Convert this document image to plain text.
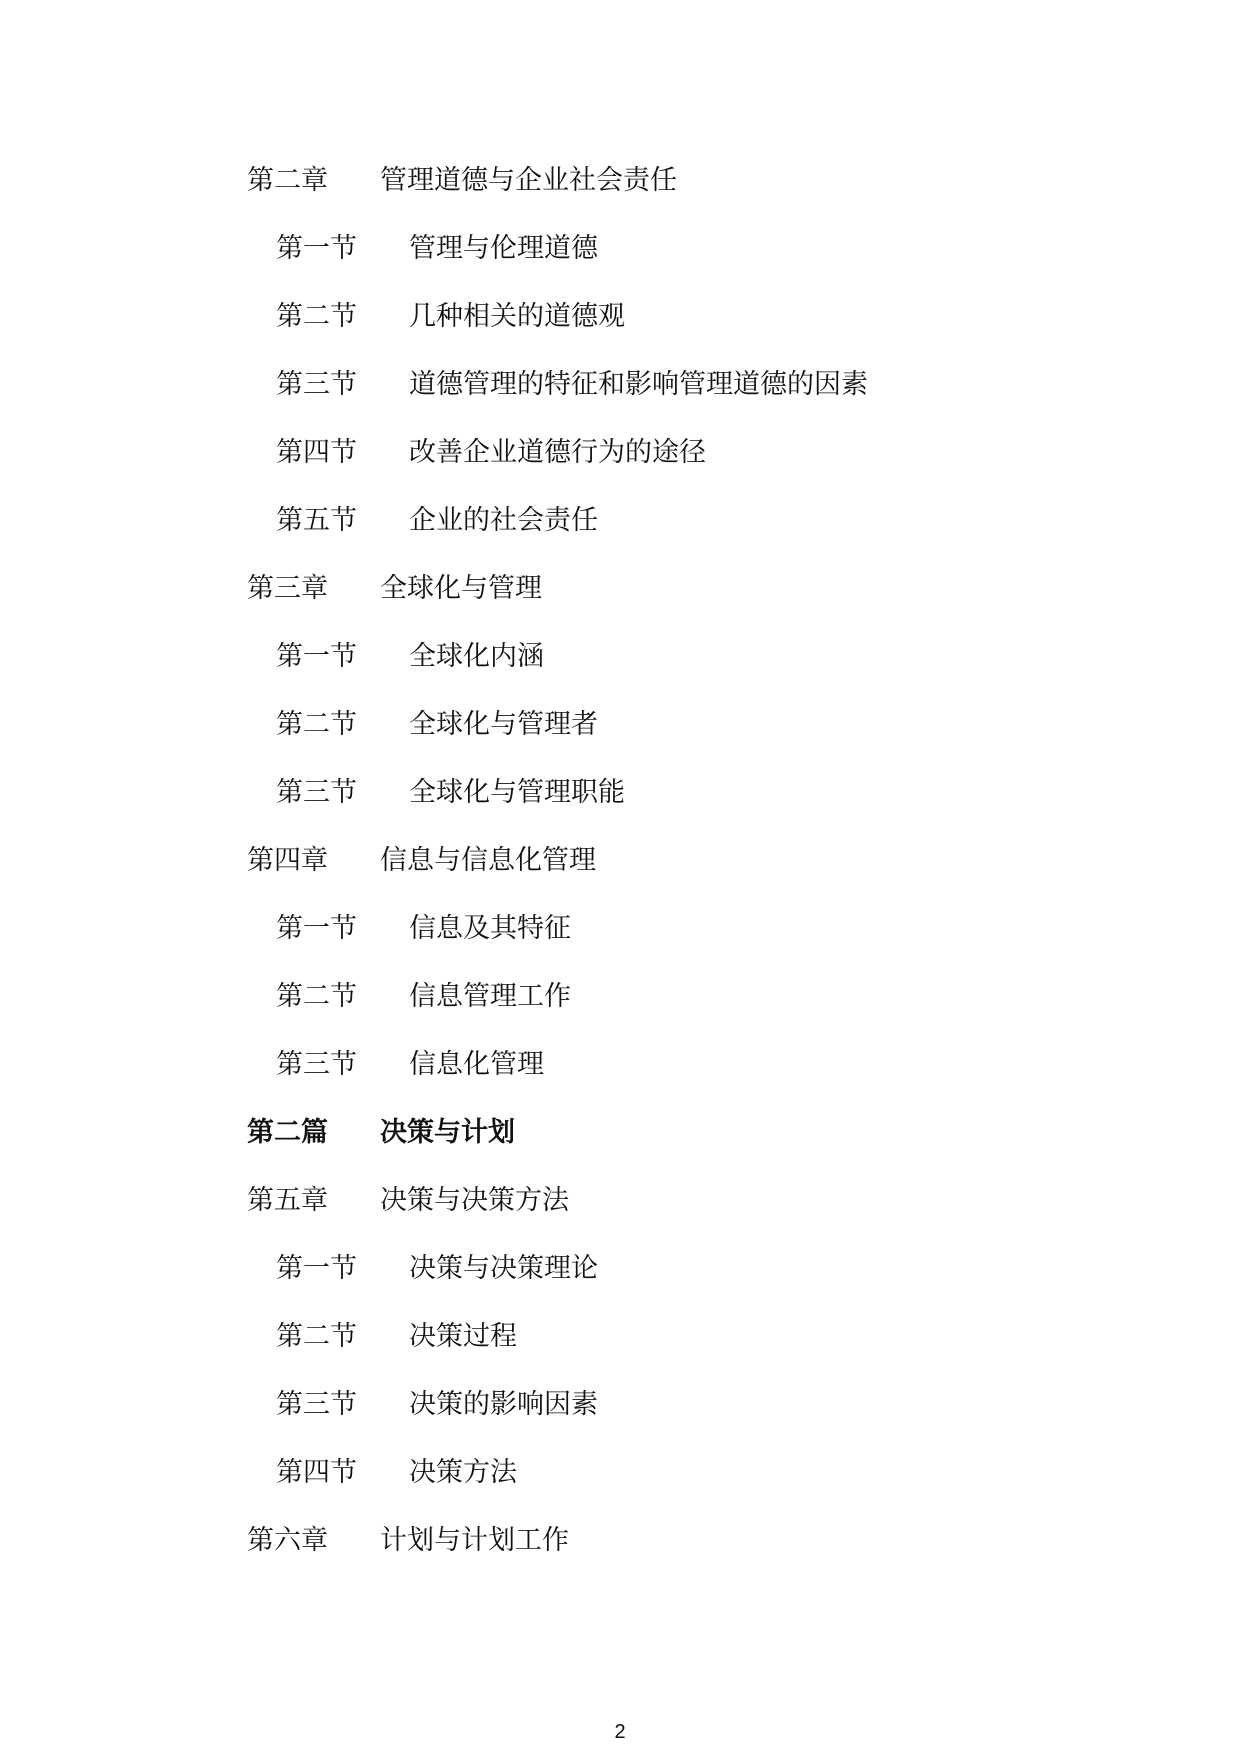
第二章 管理道德与企业社会责任
第一节 管理与伦理道德
第二节 几种相关的道德观
第三节 道德管理的特征和影响管理道德的因素
第四节 改善企业道德行为的途径
第五节 企业的社会责任
第三章 全球化与管理
第一节 全球化内涵
第二节 全球化与管理者
第三节 全球化与管理职能
第四章 信息与信息化管理
第一节 信息及其特征
第二节 信息管理工作
第三节 信息化管理
第二篇 决策与计划
第五章 决策与决策方法
第一节 决策与决策理论
第二节 决策过程
第三节 决策的影响因素
第四节 决策方法
第六章 计划与计划工作
2
